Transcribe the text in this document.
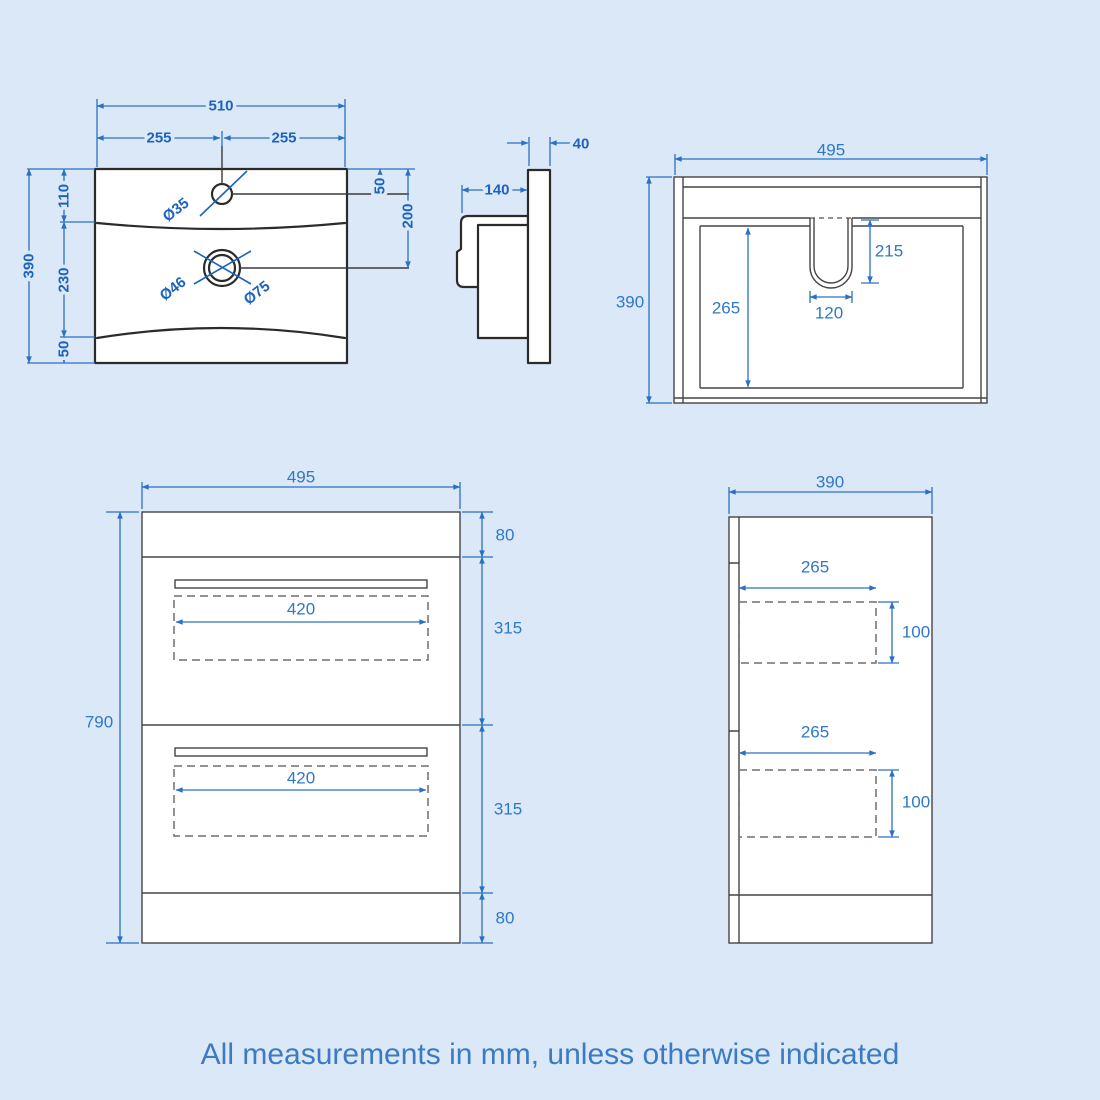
510
255	255
390
110
230
50
50
200
Ø35
Ø46	Ø75
40
140
495
390	265
215
120
495
790
80
315
315
80
420
420
390
265
100
265
100
All measurements in mm, unless otherwise indicated
